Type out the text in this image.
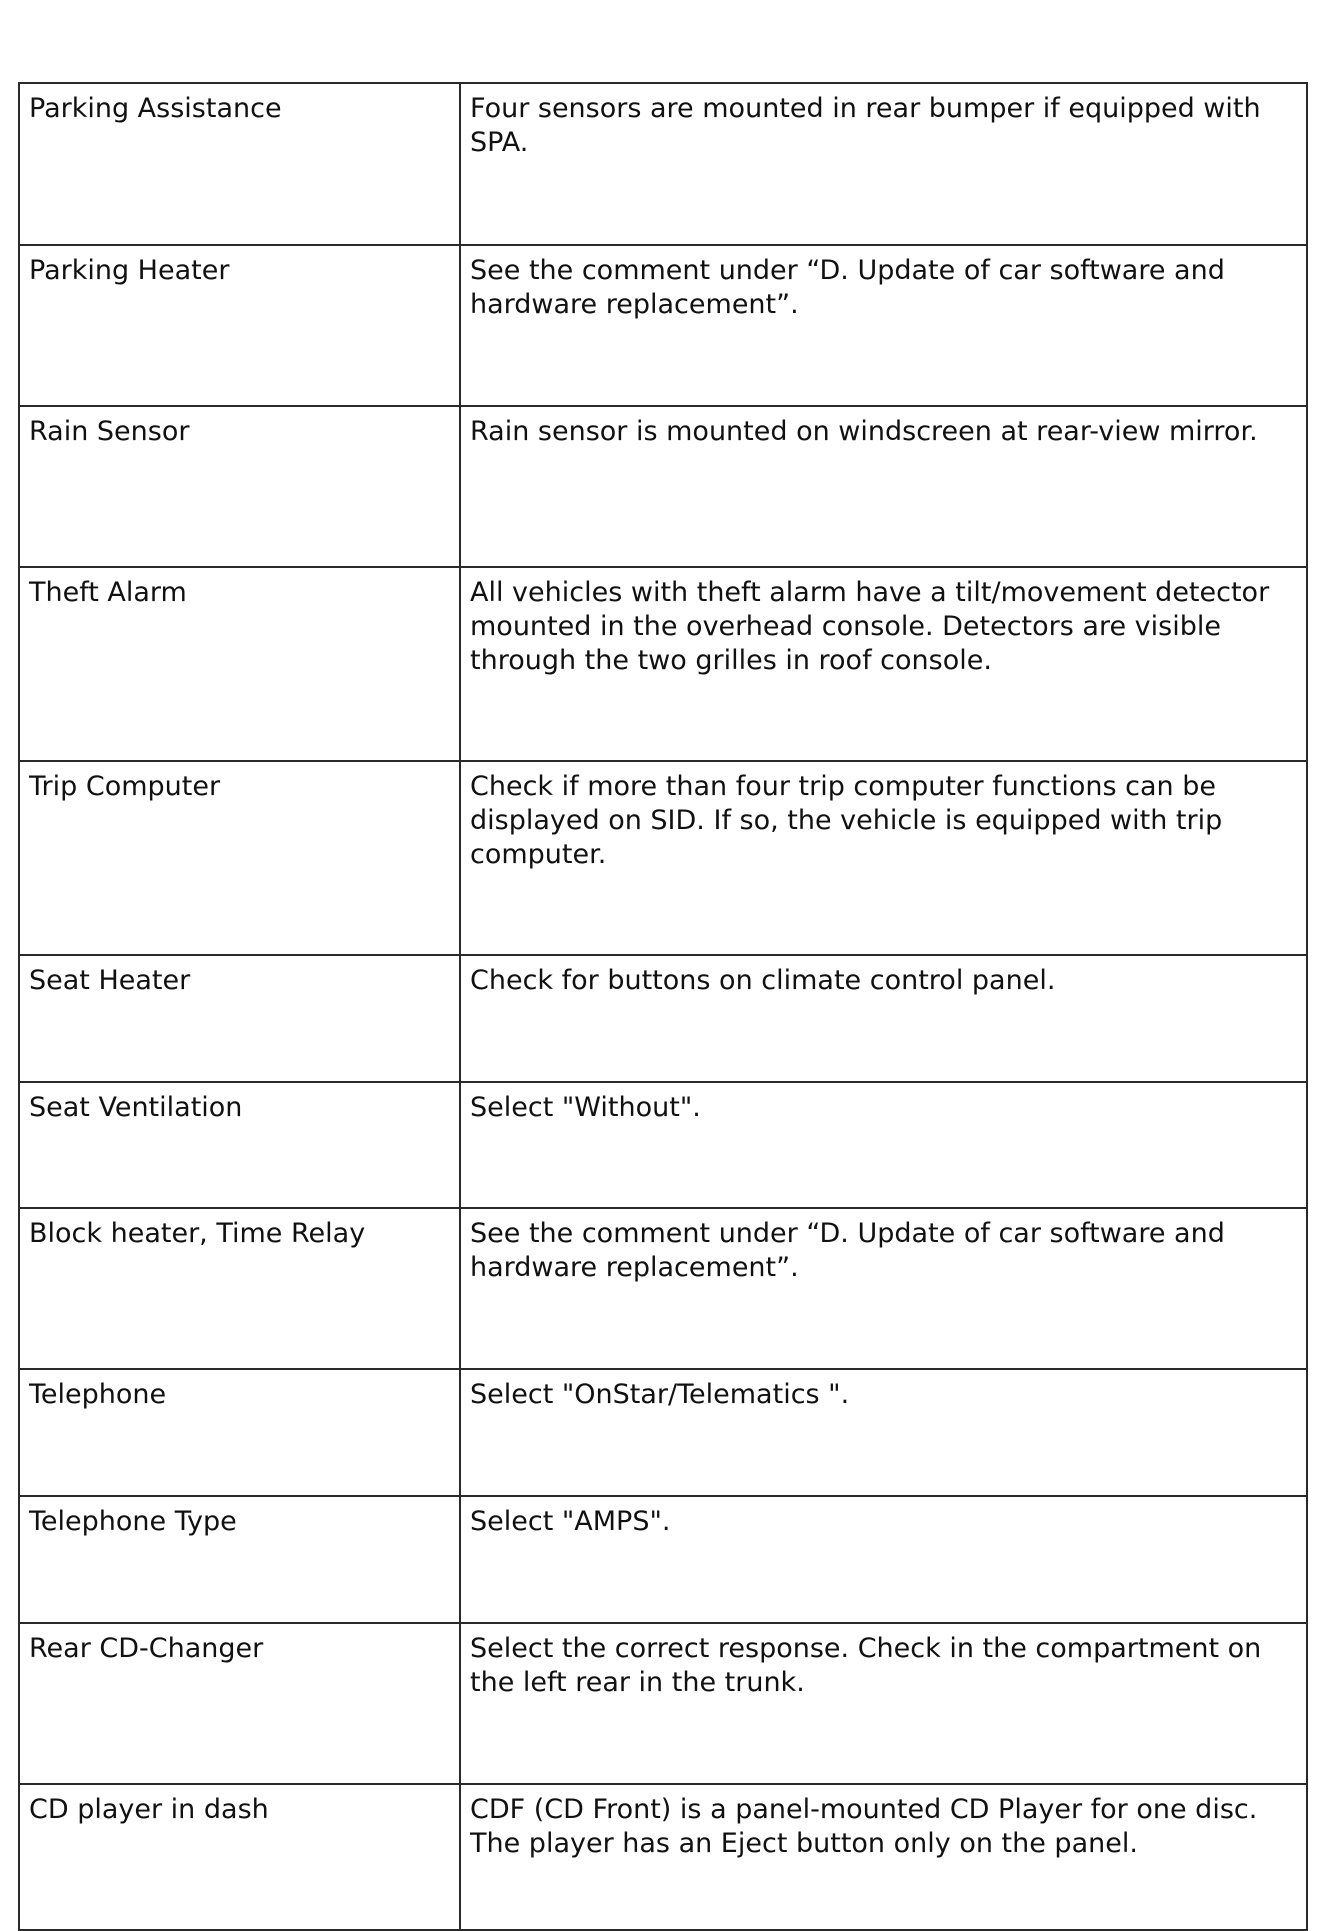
Parking Assistance	Four sensors are mounted in rear bumper if equipped with SPA.
Parking Heater	See the comment under “D. Update of car software and hardware replacement”.
Rain Sensor	Rain sensor is mounted on windscreen at rear-view mirror.
Theft Alarm	All vehicles with theft alarm have a tilt/movement detector mounted in the overhead console. Detectors are visible through the two grilles in roof console.
Trip Computer	Check if more than four trip computer functions can be displayed on SID. If so, the vehicle is equipped with trip computer.
Seat Heater	Check for buttons on climate control panel.
Seat Ventilation	Select "Without".
Block heater, Time Relay	See the comment under “D. Update of car software and hardware replacement”.
Telephone	Select "OnStar/Telematics ".
Telephone Type	Select "AMPS".
Rear CD-Changer	Select the correct response. Check in the compartment on the left rear in the trunk.
CD player in dash	CDF (CD Front) is a panel-mounted CD Player for one disc. The player has an Eject button only on the panel.
